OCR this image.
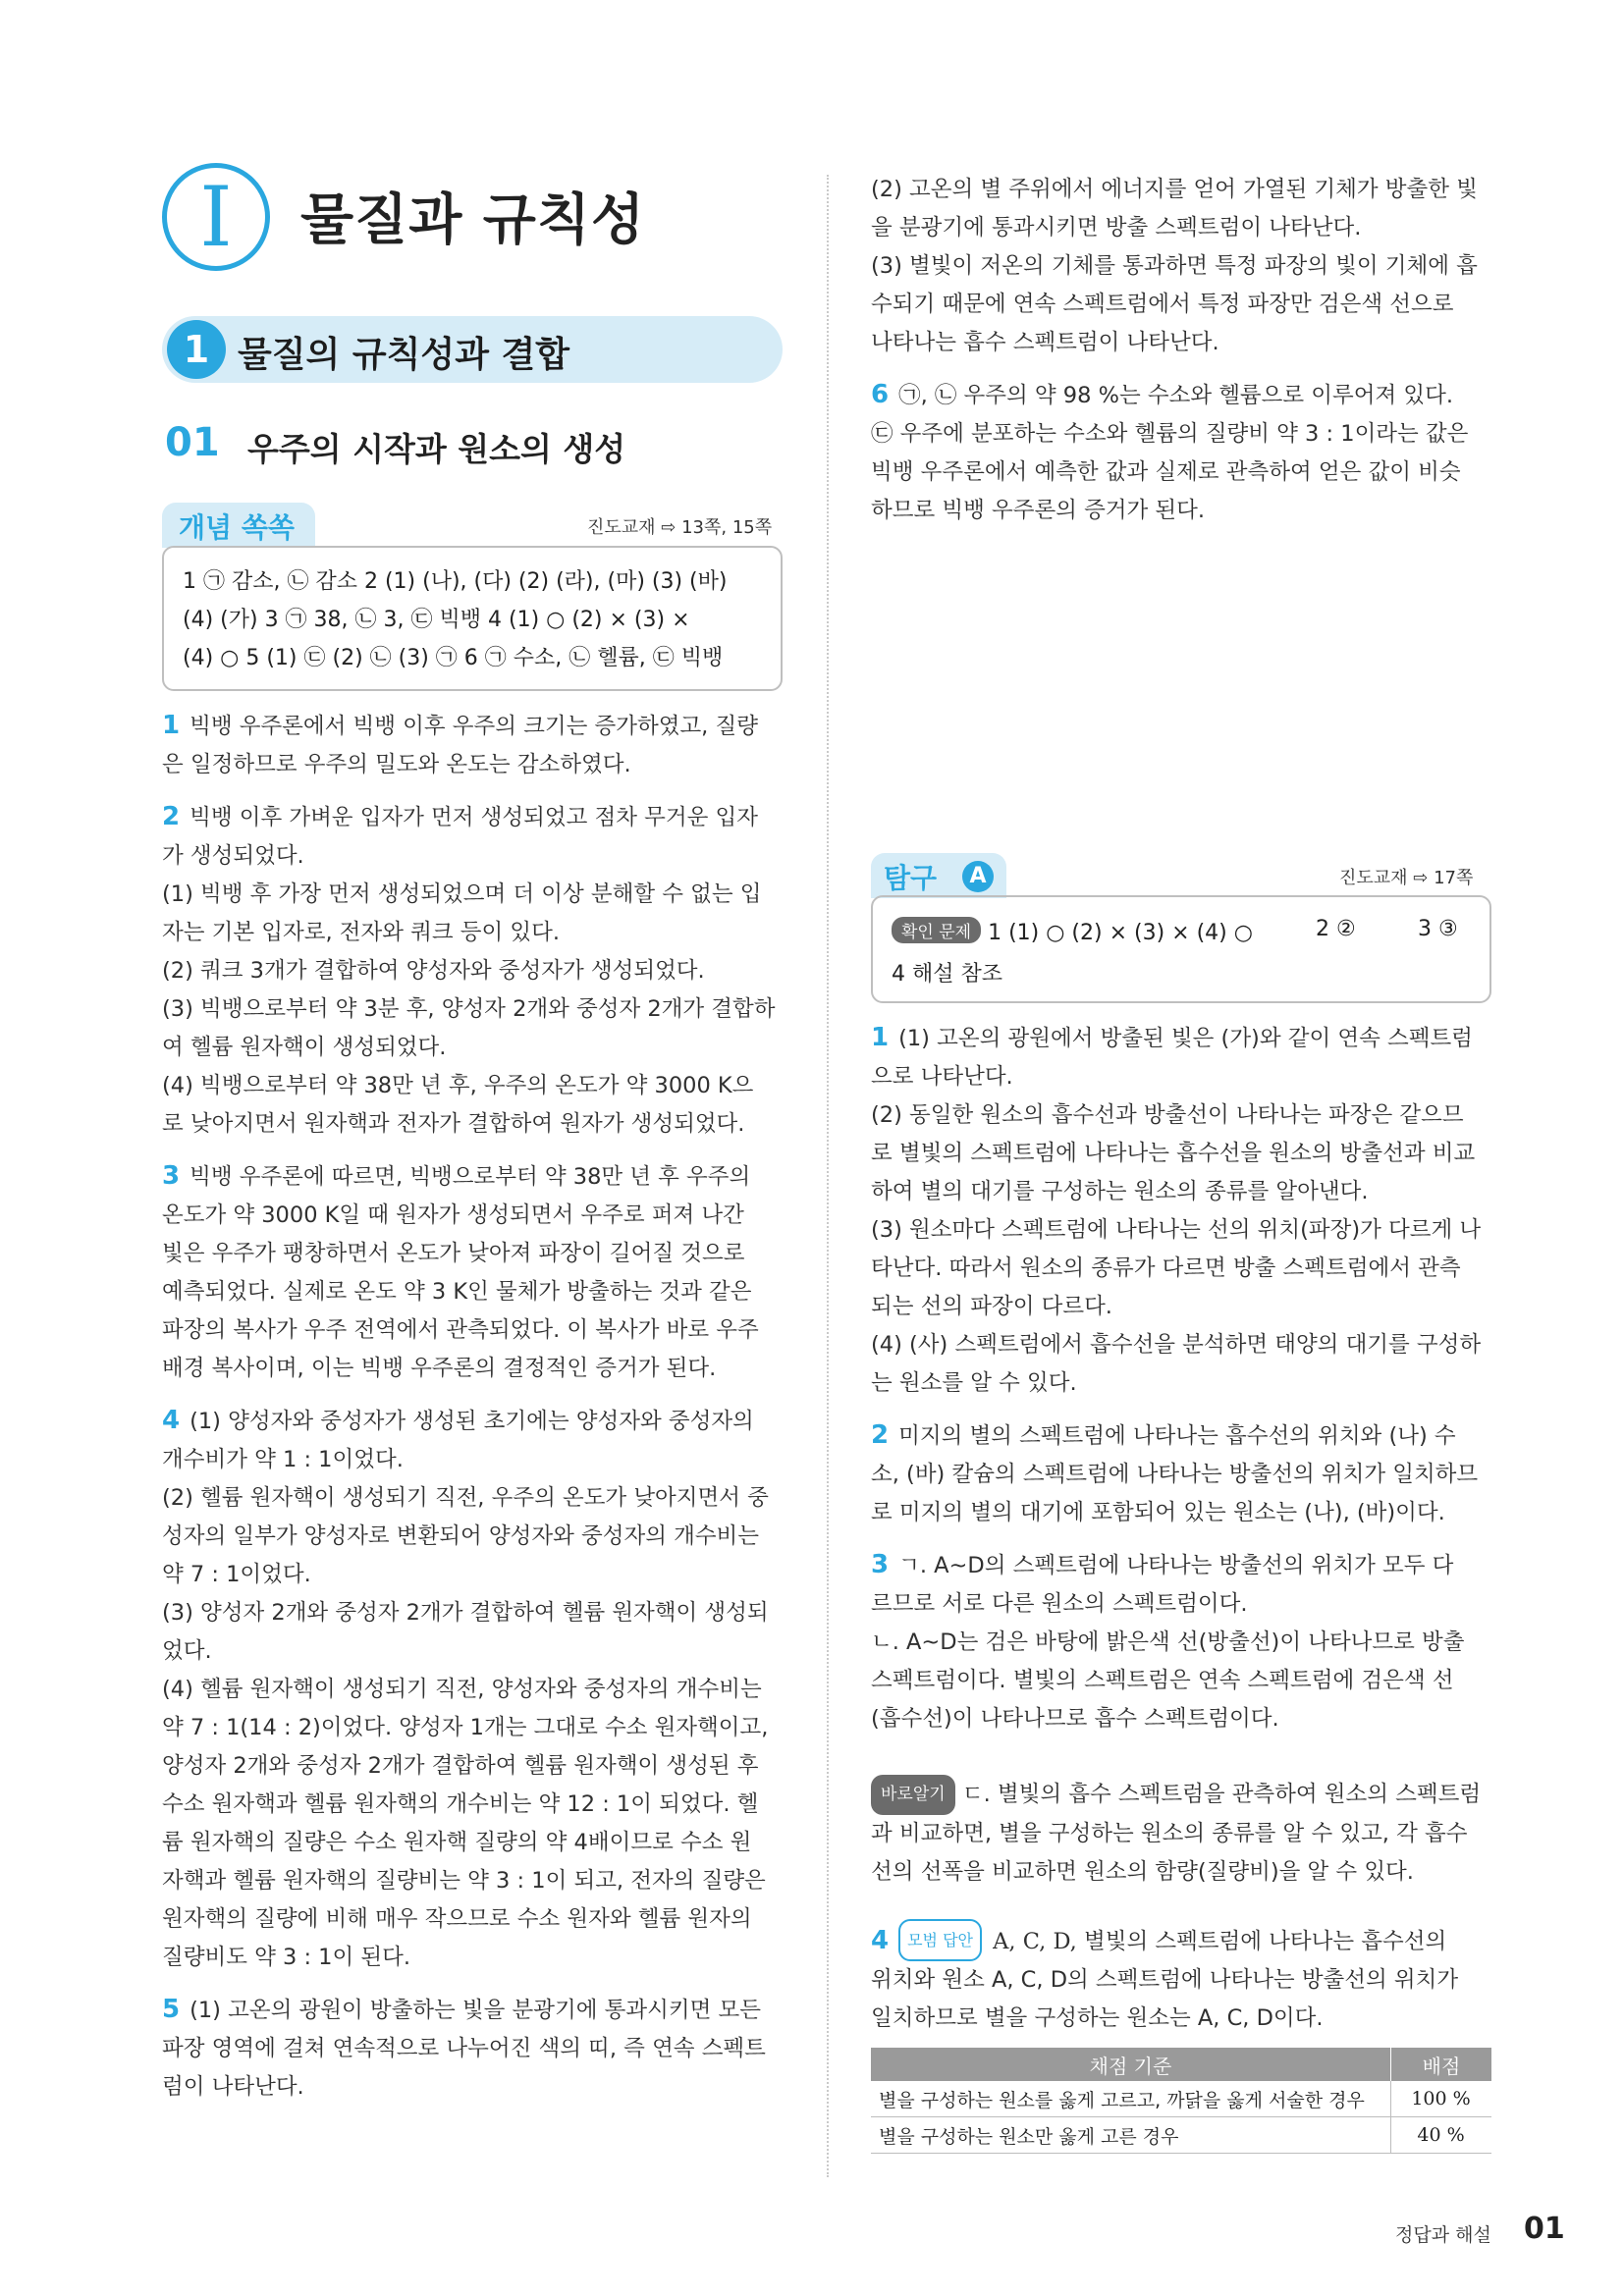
I	물질과 규칙성
1 물질의 규칙성과 결합
01 우주의 시작과 원소의 생성
개념 쏙쏙	진도교재 ⇨ 13쪽, 15쪽
1 ㉠ 감소, ㉡ 감소 2 (1) (나), (다) (2) (라), (마) (3) (바)
(4) (가) 3 ㉠ 38, ㉡ 3, ㉢ 빅뱅 4 (1) ○ (2) × (3) ×
(4) ○ 5 (1) ㉢ (2) ㉡ (3) ㉠ 6 ㉠ 수소, ㉡ 헬륨, ㉢ 빅뱅
1 빅뱅 우주론에서 빅뱅 이후 우주의 크기는 증가하였고, 질량
은 일정하므로 우주의 밀도와 온도는 감소하였다.
2 빅뱅 이후 가벼운 입자가 먼저 생성되었고 점차 무거운 입자
가 생성되었다.
(1) 빅뱅 후 가장 먼저 생성되었으며 더 이상 분해할 수 없는 입
자는 기본 입자로, 전자와 쿼크 등이 있다.
(2) 쿼크 3개가 결합하여 양성자와 중성자가 생성되었다.
(3) 빅뱅으로부터 약 3분 후, 양성자 2개와 중성자 2개가 결합하
여 헬륨 원자핵이 생성되었다.
(4) 빅뱅으로부터 약 38만 년 후, 우주의 온도가 약 3000 K으
로 낮아지면서 원자핵과 전자가 결합하여 원자가 생성되었다.
3 빅뱅 우주론에 따르면, 빅뱅으로부터 약 38만 년 후 우주의
온도가 약 3000 K일 때 원자가 생성되면서 우주로 퍼져 나간
빛은 우주가 팽창하면서 온도가 낮아져 파장이 길어질 것으로
예측되었다. 실제로 온도 약 3 K인 물체가 방출하는 것과 같은
파장의 복사가 우주 전역에서 관측되었다. 이 복사가 바로 우주
배경 복사이며, 이는 빅뱅 우주론의 결정적인 증거가 된다.
4 (1) 양성자와 중성자가 생성된 초기에는 양성자와 중성자의
개수비가 약 1 : 1이었다.
(2) 헬륨 원자핵이 생성되기 직전, 우주의 온도가 낮아지면서 중
성자의 일부가 양성자로 변환되어 양성자와 중성자의 개수비는
약 7 : 1이었다.
(3) 양성자 2개와 중성자 2개가 결합하여 헬륨 원자핵이 생성되
었다.
(4) 헬륨 원자핵이 생성되기 직전, 양성자와 중성자의 개수비는
약 7 : 1(14 : 2)이었다. 양성자 1개는 그대로 수소 원자핵이고,
양성자 2개와 중성자 2개가 결합하여 헬륨 원자핵이 생성된 후
수소 원자핵과 헬륨 원자핵의 개수비는 약 12 : 1이 되었다. 헬
륨 원자핵의 질량은 수소 원자핵 질량의 약 4배이므로 수소 원
자핵과 헬륨 원자핵의 질량비는 약 3 : 1이 되고, 전자의 질량은
원자핵의 질량에 비해 매우 작으므로 수소 원자와 헬륨 원자의
질량비도 약 3 : 1이 된다.
5 (1) 고온의 광원이 방출하는 빛을 분광기에 통과시키면 모든
파장 영역에 걸쳐 연속적으로 나누어진 색의 띠, 즉 연속 스펙트
럼이 나타난다.
(2) 고온의 별 주위에서 에너지를 얻어 가열된 기체가 방출한 빛
을 분광기에 통과시키면 방출 스펙트럼이 나타난다.
(3) 별빛이 저온의 기체를 통과하면 특정 파장의 빛이 기체에 흡
수되기 때문에 연속 스펙트럼에서 특정 파장만 검은색 선으로
나타나는 흡수 스펙트럼이 나타난다.
6 ㉠, ㉡ 우주의 약 98 %는 수소와 헬륨으로 이루어져 있다.
㉢ 우주에 분포하는 수소와 헬륨의 질량비 약 3 : 1이라는 값은
빅뱅 우주론에서 예측한 값과 실제로 관측하여 얻은 값이 비슷
하므로 빅뱅 우주론의 증거가 된다.
탐구	A	진도교재 ⇨ 17쪽
확인 문제 1 (1) ○ (2) × (3) × (4) ○	2 ②	3 ③
4 해설 참조
1 (1) 고온의 광원에서 방출된 빛은 (가)와 같이 연속 스펙트럼
으로 나타난다.
(2) 동일한 원소의 흡수선과 방출선이 나타나는 파장은 같으므
로 별빛의 스펙트럼에 나타나는 흡수선을 원소의 방출선과 비교
하여 별의 대기를 구성하는 원소의 종류를 알아낸다.
(3) 원소마다 스펙트럼에 나타나는 선의 위치(파장)가 다르게 나
타난다. 따라서 원소의 종류가 다르면 방출 스펙트럼에서 관측
되는 선의 파장이 다르다.
(4) (사) 스펙트럼에서 흡수선을 분석하면 태양의 대기를 구성하
는 원소를 알 수 있다.
2 미지의 별의 스펙트럼에 나타나는 흡수선의 위치와 (나) 수
소, (바) 칼슘의 스펙트럼에 나타나는 방출선의 위치가 일치하므
로 미지의 별의 대기에 포함되어 있는 원소는 (나), (바)이다.
3 ㄱ. A~D의 스펙트럼에 나타나는 방출선의 위치가 모두 다
르므로 서로 다른 원소의 스펙트럼이다.
ㄴ. A~D는 검은 바탕에 밝은색 선(방출선)이 나타나므로 방출
스펙트럼이다. 별빛의 스펙트럼은 연속 스펙트럼에 검은색 선
(흡수선)이 나타나므로 흡수 스펙트럼이다.
바로알기 ㄷ. 별빛의 흡수 스펙트럼을 관측하여 원소의 스펙트럼
과 비교하면, 별을 구성하는 원소의 종류를 알 수 있고, 각 흡수
선의 선폭을 비교하면 원소의 함량(질량비)을 알 수 있다.
4 모범 답안 A, C, D, 별빛의 스펙트럼에 나타나는 흡수선의
위치와 원소 A, C, D의 스펙트럼에 나타나는 방출선의 위치가
일치하므로 별을 구성하는 원소는 A, C, D이다.
채점 기준	배점
별을 구성하는 원소를 옳게 고르고, 까닭을 옳게 서술한 경우	100 %
별을 구성하는 원소만 옳게 고른 경우	40 %
정답과 해설 01
